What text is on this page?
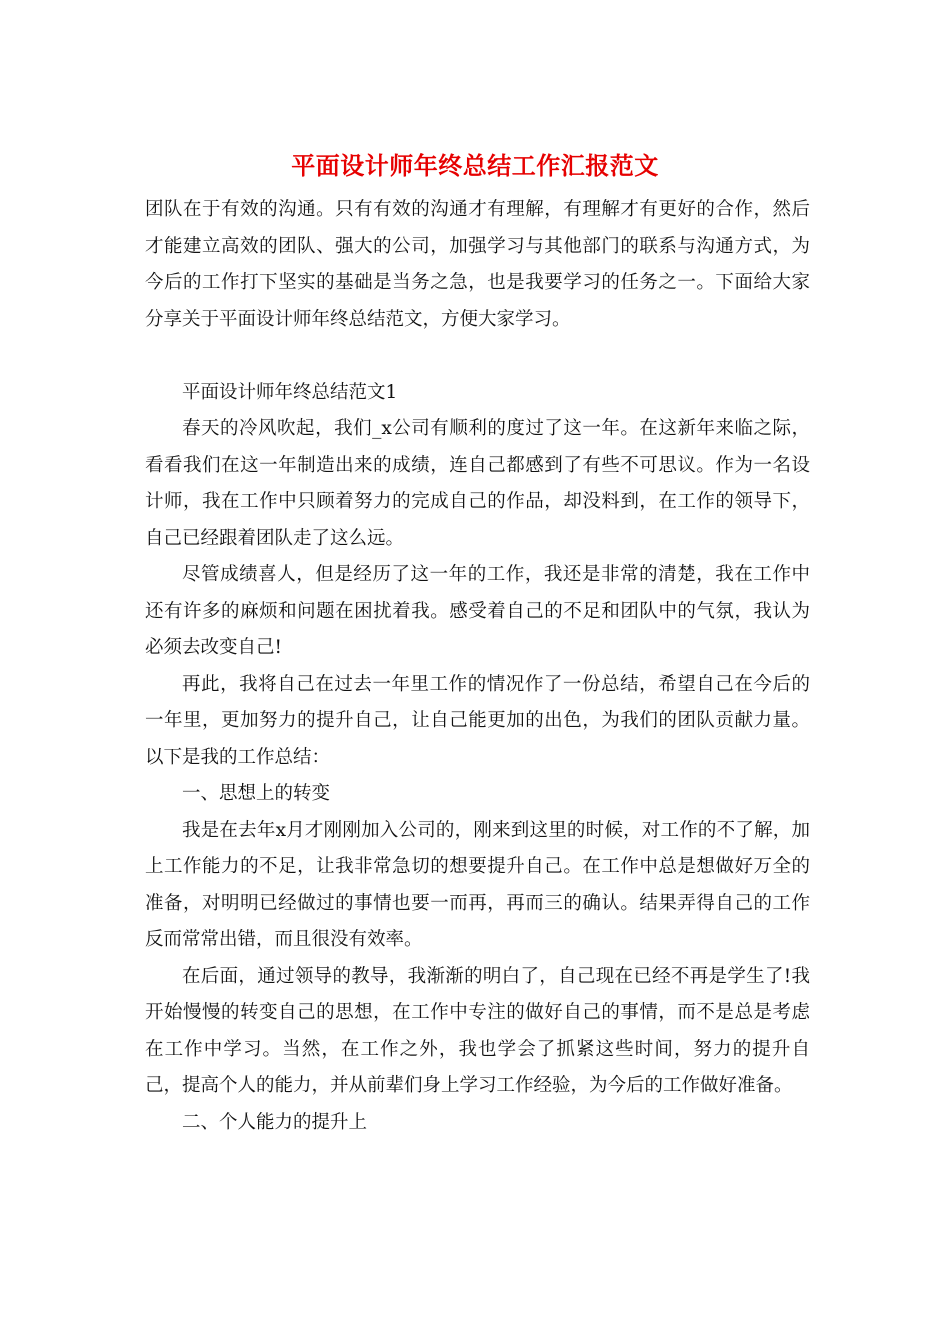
平面设计师年终总结工作汇报范文

团队在于有效的沟通。只有有效的沟通才有理解，有理解才有更好的合作，然后才能建立高效的团队、强大的公司，加强学习与其他部门的联系与沟通方式，为今后的工作打下坚实的基础是当务之急，也是我要学习的任务之一。下面给大家分享关于平面设计师年终总结范文，方便大家学习。

平面设计师年终总结范文1

春天的冷风吹起，我们_x公司有顺利的度过了这一年。在这新年来临之际，看看我们在这一年制造出来的成绩，连自己都感到了有些不可思议。作为一名设计师，我在工作中只顾着努力的完成自己的作品，却没料到，在工作的领导下，自己已经跟着团队走了这么远。

尽管成绩喜人，但是经历了这一年的工作，我还是非常的清楚，我在工作中还有许多的麻烦和问题在困扰着我。感受着自己的不足和团队中的气氛，我认为必须去改变自己!

再此，我将自己在过去一年里工作的情况作了一份总结，希望自己在今后的一年里，更加努力的提升自己，让自己能更加的出色，为我们的团队贡献力量。以下是我的工作总结：

一、思想上的转变

我是在去年x月才刚刚加入公司的，刚来到这里的时候，对工作的不了解，加上工作能力的不足，让我非常急切的想要提升自己。在工作中总是想做好万全的准备，对明明已经做过的事情也要一而再，再而三的确认。结果弄得自己的工作反而常常出错，而且很没有效率。

在后面，通过领导的教导，我渐渐的明白了，自己现在已经不再是学生了!我开始慢慢的转变自己的思想，在工作中专注的做好自己的事情，而不是总是考虑在工作中学习。当然，在工作之外，我也学会了抓紧这些时间，努力的提升自己，提高个人的能力，并从前辈们身上学习工作经验，为今后的工作做好准备。

二、个人能力的提升上
